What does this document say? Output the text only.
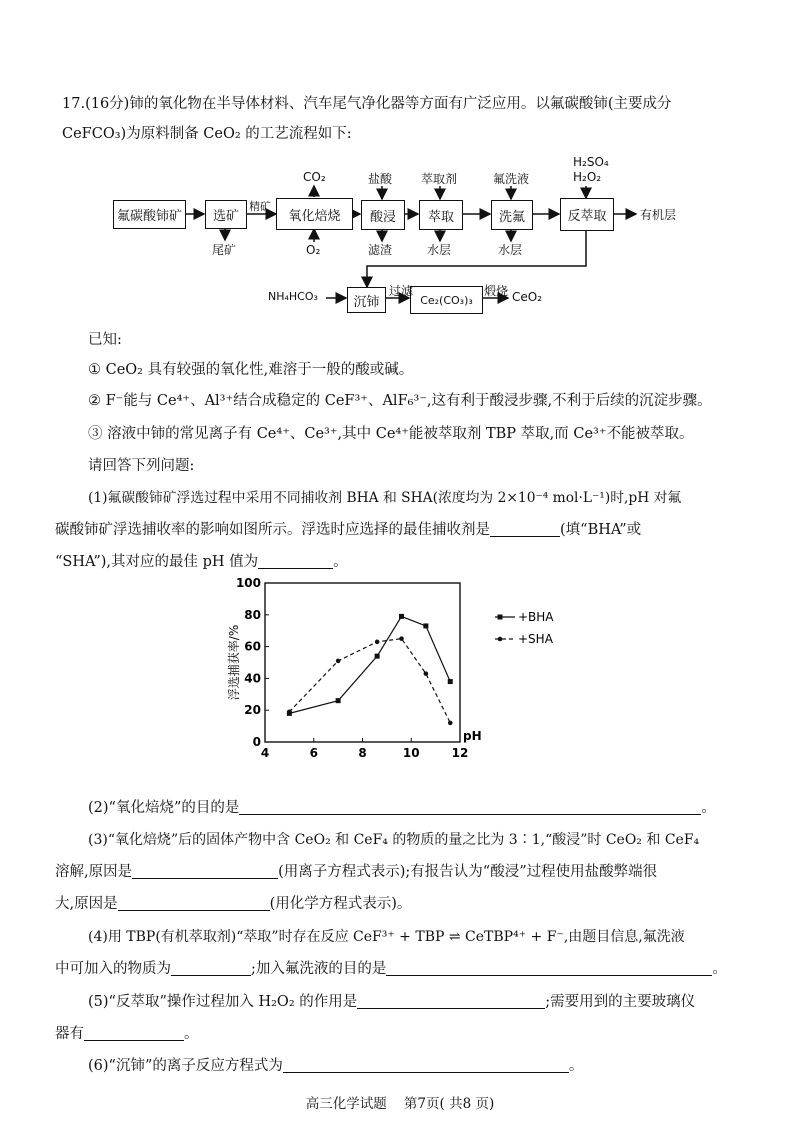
17.(16分)铈的氧化物在半导体材料、汽车尾气净化器等方面有广泛应用。以氟碳酸铈(主要成分
CeFCO₃)为原料制备 CeO₂ 的工艺流程如下:
氟碳酸铈矿	选矿	氧化焙烧	酸浸	萃取	洗氟	反萃取
沉铈	Ce₂(CO₃)₃
CO₂	盐酸 萃取剂	氟洗液
H₂SO₄
H₂O₂
精矿
尾矿	O₂	滤渣	水层	水层
有机层
NH₄HCO₃	过滤	煅烧 CeO₂
已知:
① CeO₂ 具有较强的氧化性,难溶于一般的酸或碱。
② F⁻能与 Ce⁴⁺、Al³⁺结合成稳定的 CeF³⁺、AlF₆³⁻,这有利于酸浸步骤,不利于后续的沉淀步骤。
③ 溶液中铈的常见离子有 Ce⁴⁺、Ce³⁺,其中 Ce⁴⁺能被萃取剂 TBP 萃取,而 Ce³⁺不能被萃取。
请回答下列问题:
(1)氟碳酸铈矿浮选过程中采用不同捕收剂 BHA 和 SHA(浓度均为 2×10⁻⁴ mol·L⁻¹)时,pH 对氟
碳酸铈矿浮选捕收率的影响如图所示。浮选时应选择的最佳捕收剂是	(填“BHA”或
“SHA”),其对应的最佳 pH 值为	。
4	6	8	10	12
0
20
40
60
80
100
pH
浮选捕获率/%
+BHA
+SHA
(2)“氧化焙烧”的目的是	。
(3)“氧化焙烧”后的固体产物中含 CeO₂ 和 CeF₄ 的物质的量之比为 3∶1,“酸浸”时 CeO₂ 和 CeF₄
溶解,原因是	(用离子方程式表示);有报告认为“酸浸”过程使用盐酸弊端很
大,原因是	(用化学方程式表示)。
(4)用 TBP(有机萃取剂)“萃取”时存在反应 CeF³⁺ + TBP ⇌ CeTBP⁴⁺ + F⁻,由题目信息,氟洗液
中可加入的物质为	;加入氟洗液的目的是	。
(5)“反萃取”操作过程加入 H₂O₂ 的作用是	;需要用到的主要玻璃仪
器有	。
(6)“沉铈”的离子反应方程式为	。
高三化学试题    第7页( 共8 页)
